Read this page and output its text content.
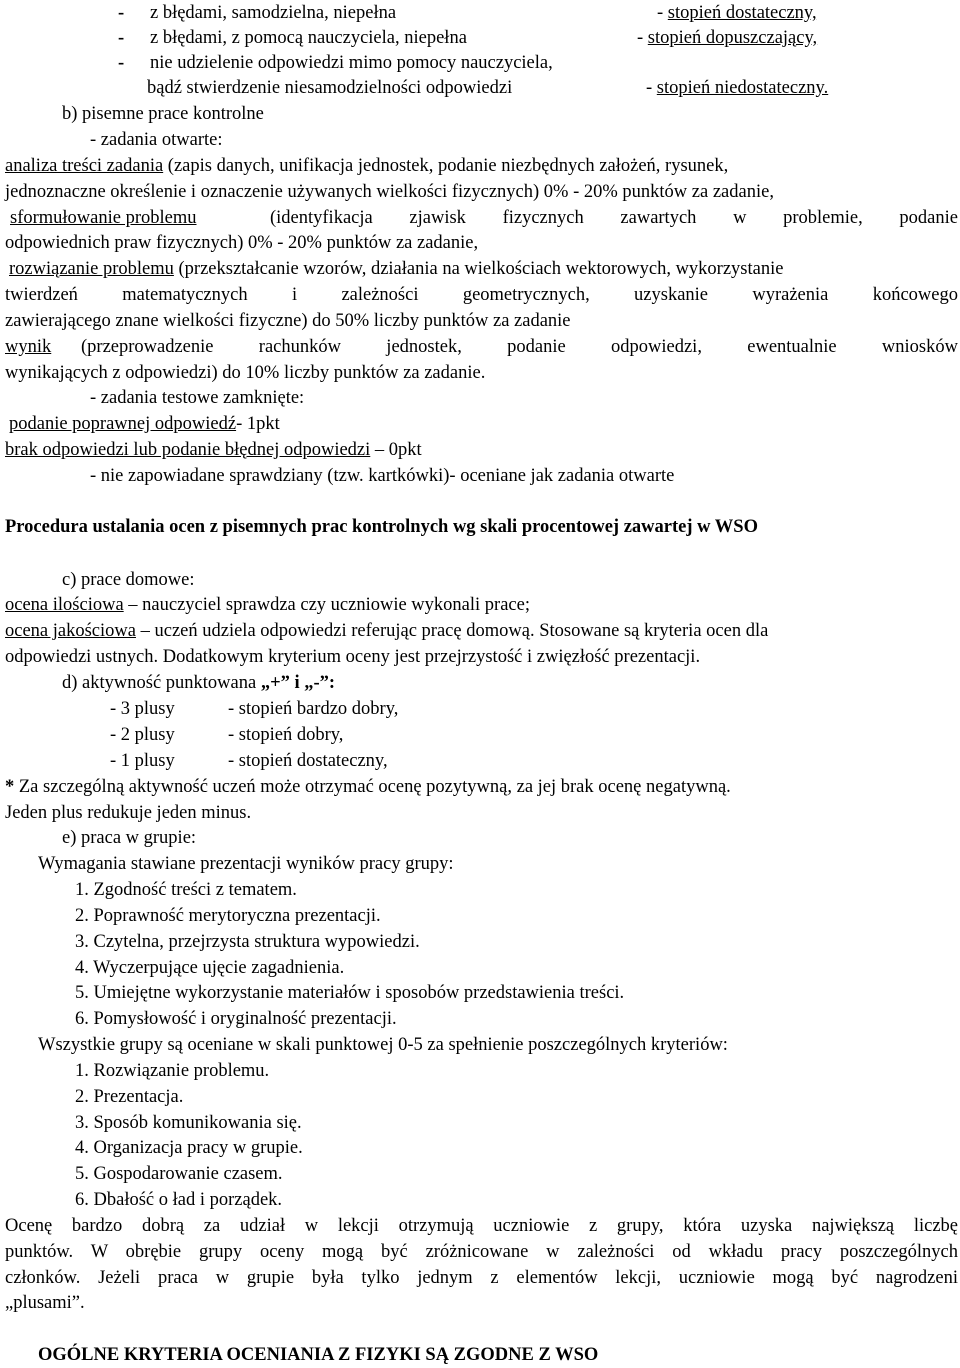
- z błędami, samodzielna, niepełna	- stopień dostateczny,
- z błędami, z pomocą nauczyciela, niepełna	- stopień dopuszczający,
- nie udzielenie odpowiedzi mimo pomocy nauczyciela,
bądź stwierdzenie niesamodzielności odpowiedzi	- stopień niedostateczny.
b) pisemne prace kontrolne
- zadania otwarte:
analiza treści zadania (zapis danych, unifikacja jednostek, podanie niezbędnych założeń, rysunek,
jednoznaczne określenie i oznaczenie używanych wielkości fizycznych) 0% - 20% punktów za zadanie,
sformułowanie problemu	(identyfikacja zjawisk fizycznych zawartych w problemie, podanie
odpowiednich praw fizycznych) 0% - 20% punktów za zadanie,
rozwiązanie problemu (przekształcanie wzorów, działania na wielkościach wektorowych, wykorzystanie
twierdzeń matematycznych i zależności geometrycznych, uzyskanie wyrażenia końcowego
zawierającego znane wielkości fizyczne) do 50% liczby punktów za zadanie
wynik (przeprowadzenie rachunków jednostek, podanie odpowiedzi, ewentualnie wniosków
wynikających z odpowiedzi) do 10% liczby punktów za zadanie.
- zadania testowe zamknięte:
podanie poprawnej odpowiedź- 1pkt
brak odpowiedzi lub podanie błędnej odpowiedzi – 0pkt
- nie zapowiadane sprawdziany (tzw. kartkówki)- oceniane jak zadania otwarte
Procedura ustalania ocen z pisemnych prac kontrolnych wg skali procentowej zawartej w WSO
c) prace domowe:
ocena ilościowa – nauczyciel sprawdza czy uczniowie wykonali prace;
ocena jakościowa – uczeń udziela odpowiedzi referując pracę domową. Stosowane są kryteria ocen dla
odpowiedzi ustnych. Dodatkowym kryterium oceny jest przejrzystość i zwięzłość prezentacji.
d) aktywność punktowana „+” i „-”:
- 3 plusy	- stopień bardzo dobry,
- 2 plusy	- stopień dobry,
- 1 plusy	- stopień dostateczny,
* Za szczególną aktywność uczeń może otrzymać ocenę pozytywną, za jej brak ocenę negatywną.
Jeden plus redukuje jeden minus.
e) praca w grupie:
Wymagania stawiane prezentacji wyników pracy grupy:
1. Zgodność treści z tematem.
2. Poprawność merytoryczna prezentacji.
3. Czytelna, przejrzysta struktura wypowiedzi.
4. Wyczerpujące ujęcie zagadnienia.
5. Umiejętne wykorzystanie materiałów i sposobów przedstawienia treści.
6. Pomysłowość i oryginalność prezentacji.
Wszystkie grupy są oceniane w skali punktowej 0-5 za spełnienie poszczególnych kryteriów:
1. Rozwiązanie problemu.
2. Prezentacja.
3. Sposób komunikowania się.
4. Organizacja pracy w grupie.
5. Gospodarowanie czasem.
6. Dbałość o ład i porządek.
Ocenę bardzo dobrą za udział w lekcji otrzymują uczniowie z grupy, która uzyska największą liczbę
punktów. W obrębie grupy oceny mogą być zróżnicowane w zależności od wkładu pracy poszczególnych
członków. Jeżeli praca w grupie była tylko jednym z elementów lekcji, uczniowie mogą być nagrodzeni
„plusami”.
OGÓLNE KRYTERIA OCENIANIA Z FIZYKI SĄ ZGODNE Z WSO
